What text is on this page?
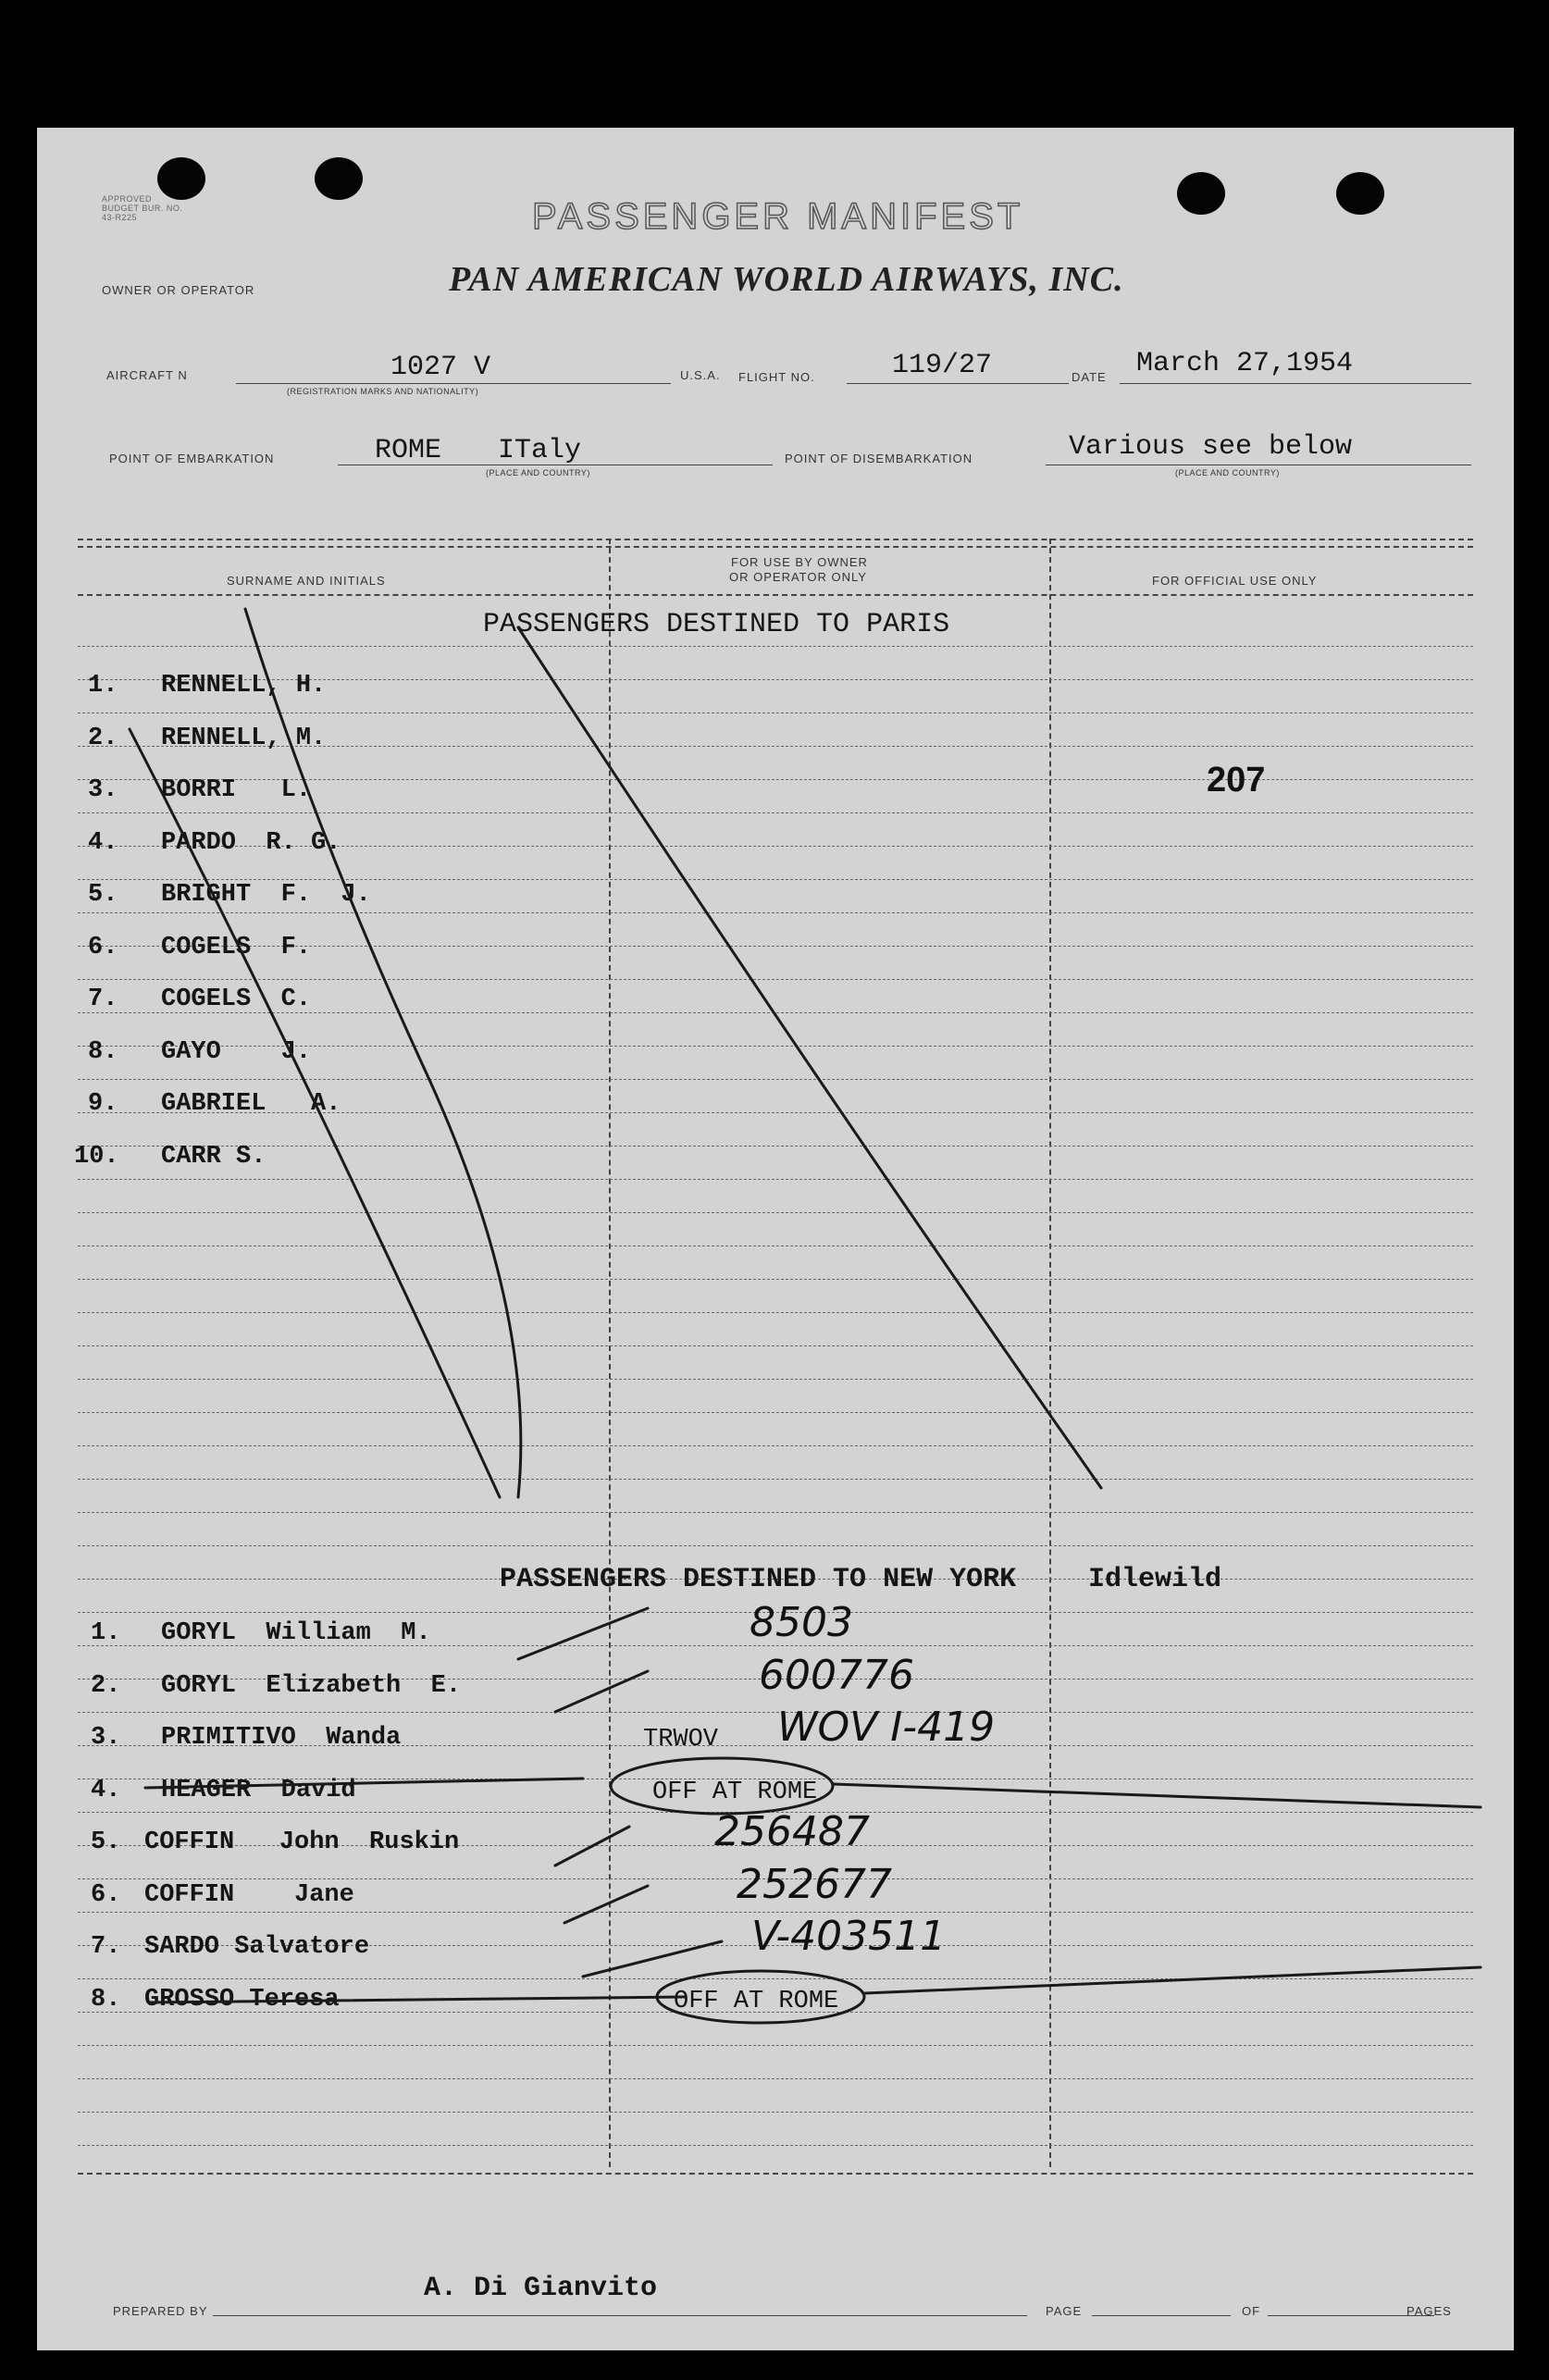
APPROVED
BUDGET BUR. NO.
43-R225	PASSENGER MANIFEST
OWNER OR OPERATOR	PAN AMERICAN WORLD AIRWAYS, INC.
AIRCRAFT N	1027 V
(REGISTRATION MARKS AND NATIONALITY)
U.S.A. FLIGHT NO.	119/27	DATE March 27,1954
POINT OF EMBARKATION	ROME ITaly
(PLACE AND COUNTRY)
POINT OF DISEMBARKATION	Various see below
(PLACE AND COUNTRY)
SURNAME AND INITIALS
FOR USE BY OWNER
OR OPERATOR ONLY	FOR OFFICIAL USE ONLY
PASSENGERS DESTINED TO PARIS
1. RENNELL, H.
2. RENNELL, M.
3. BORRI   L.
4. PARDO  R. G.
5. BRIGHT  F.  J.
6. COGELS  F.
7. COGELS  C.
8. GAYO    J.
9. GABRIEL   A.
10. CARR S.
207
PASSENGERS DESTINED TO NEW YORK	Idlewild
1. GORYL  William  M.	8503
2. GORYL  Elizabeth  E.	600776
3. PRIMITIVO  Wanda	TRWOV WOV I-419
4. HEAGER  David	OFF AT ROME
5. COFFIN   John  Ruskin	256487
6. COFFIN    Jane	252677
7. SARDO Salvatore	V-403511
8. GROSSO Teresa	OFF AT ROME
PREPARED BY
A. Di Gianvito
PAGE	OF	PAGES
